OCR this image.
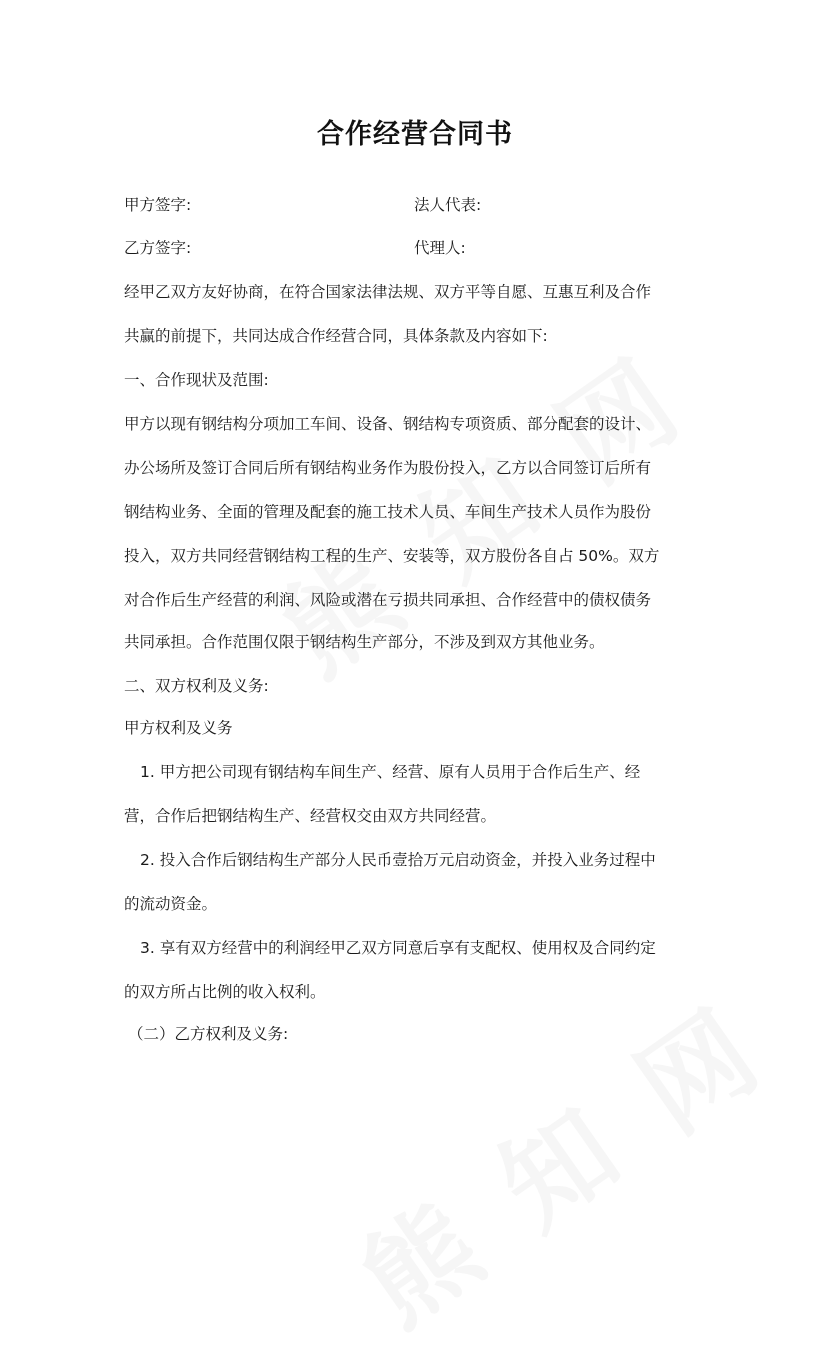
合作经营合同书
甲方签字:	法人代表:
乙方签字:	代理人:
经甲乙双方友好协商，在符合国家法律法规、双方平等自愿、互惠互利及合作
共赢的前提下，共同达成合作经营合同，具体条款及内容如下:
一、合作现状及范围:
甲方以现有钢结构分项加工车间、设备、钢结构专项资质、部分配套的设计、
办公场所及签订合同后所有钢结构业务作为股份投入，乙方以合同签订后所有
钢结构业务、全面的管理及配套的施工技术人员、车间生产技术人员作为股份
投入，双方共同经营钢结构工程的生产、安装等，双方股份各自占 50%。双方
对合作后生产经营的利润、风险或潜在亏损共同承担、合作经营中的债权债务
共同承担。合作范围仅限于钢结构生产部分，不涉及到双方其他业务。
二、双方权利及义务:
甲方权利及义务
1. 甲方把公司现有钢结构车间生产、经营、原有人员用于合作后生产、经
营，合作后把钢结构生产、经营权交由双方共同经营。
2. 投入合作后钢结构生产部分人民币壹拾万元启动资金，并投入业务过程中
的流动资金。
3. 享有双方经营中的利润经甲乙双方同意后享有支配权、使用权及合同约定
的双方所占比例的收入权利。
（二）乙方权利及义务:
